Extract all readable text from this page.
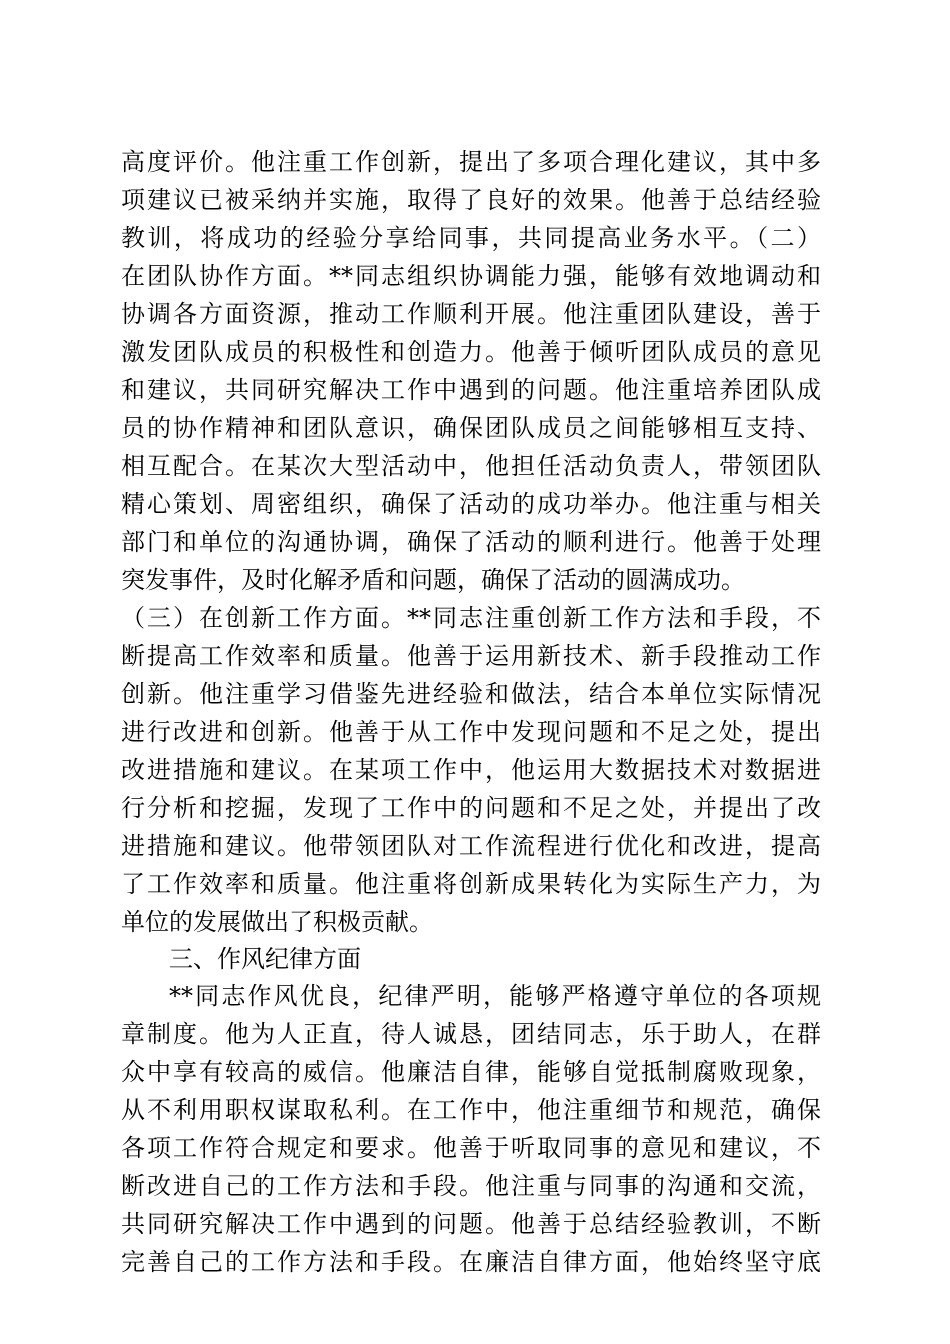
高度评价。他注重工作创新，提出了多项合理化建议，其中多
项建议已被采纳并实施，取得了良好的效果。他善于总结经验
教训，将成功的经验分享给同事，共同提高业务水平。（二）
在团队协作方面。**同志组织协调能力强，能够有效地调动和
协调各方面资源，推动工作顺利开展。他注重团队建设，善于
激发团队成员的积极性和创造力。他善于倾听团队成员的意见
和建议，共同研究解决工作中遇到的问题。他注重培养团队成
员的协作精神和团队意识，确保团队成员之间能够相互支持、
相互配合。在某次大型活动中，他担任活动负责人，带领团队
精心策划、周密组织，确保了活动的成功举办。他注重与相关
部门和单位的沟通协调，确保了活动的顺利进行。他善于处理
突发事件，及时化解矛盾和问题，确保了活动的圆满成功。
（三）在创新工作方面。**同志注重创新工作方法和手段，不
断提高工作效率和质量。他善于运用新技术、新手段推动工作
创新。他注重学习借鉴先进经验和做法，结合本单位实际情况
进行改进和创新。他善于从工作中发现问题和不足之处，提出
改进措施和建议。在某项工作中，他运用大数据技术对数据进
行分析和挖掘，发现了工作中的问题和不足之处，并提出了改
进措施和建议。他带领团队对工作流程进行优化和改进，提高
了工作效率和质量。他注重将创新成果转化为实际生产力，为
单位的发展做出了积极贡献。
三、作风纪律方面
**同志作风优良，纪律严明，能够严格遵守单位的各项规
章制度。他为人正直，待人诚恳，团结同志，乐于助人，在群
众中享有较高的威信。他廉洁自律，能够自觉抵制腐败现象，
从不利用职权谋取私利。在工作中，他注重细节和规范，确保
各项工作符合规定和要求。他善于听取同事的意见和建议，不
断改进自己的工作方法和手段。他注重与同事的沟通和交流，
共同研究解决工作中遇到的问题。他善于总结经验教训，不断
完善自己的工作方法和手段。在廉洁自律方面，他始终坚守底
